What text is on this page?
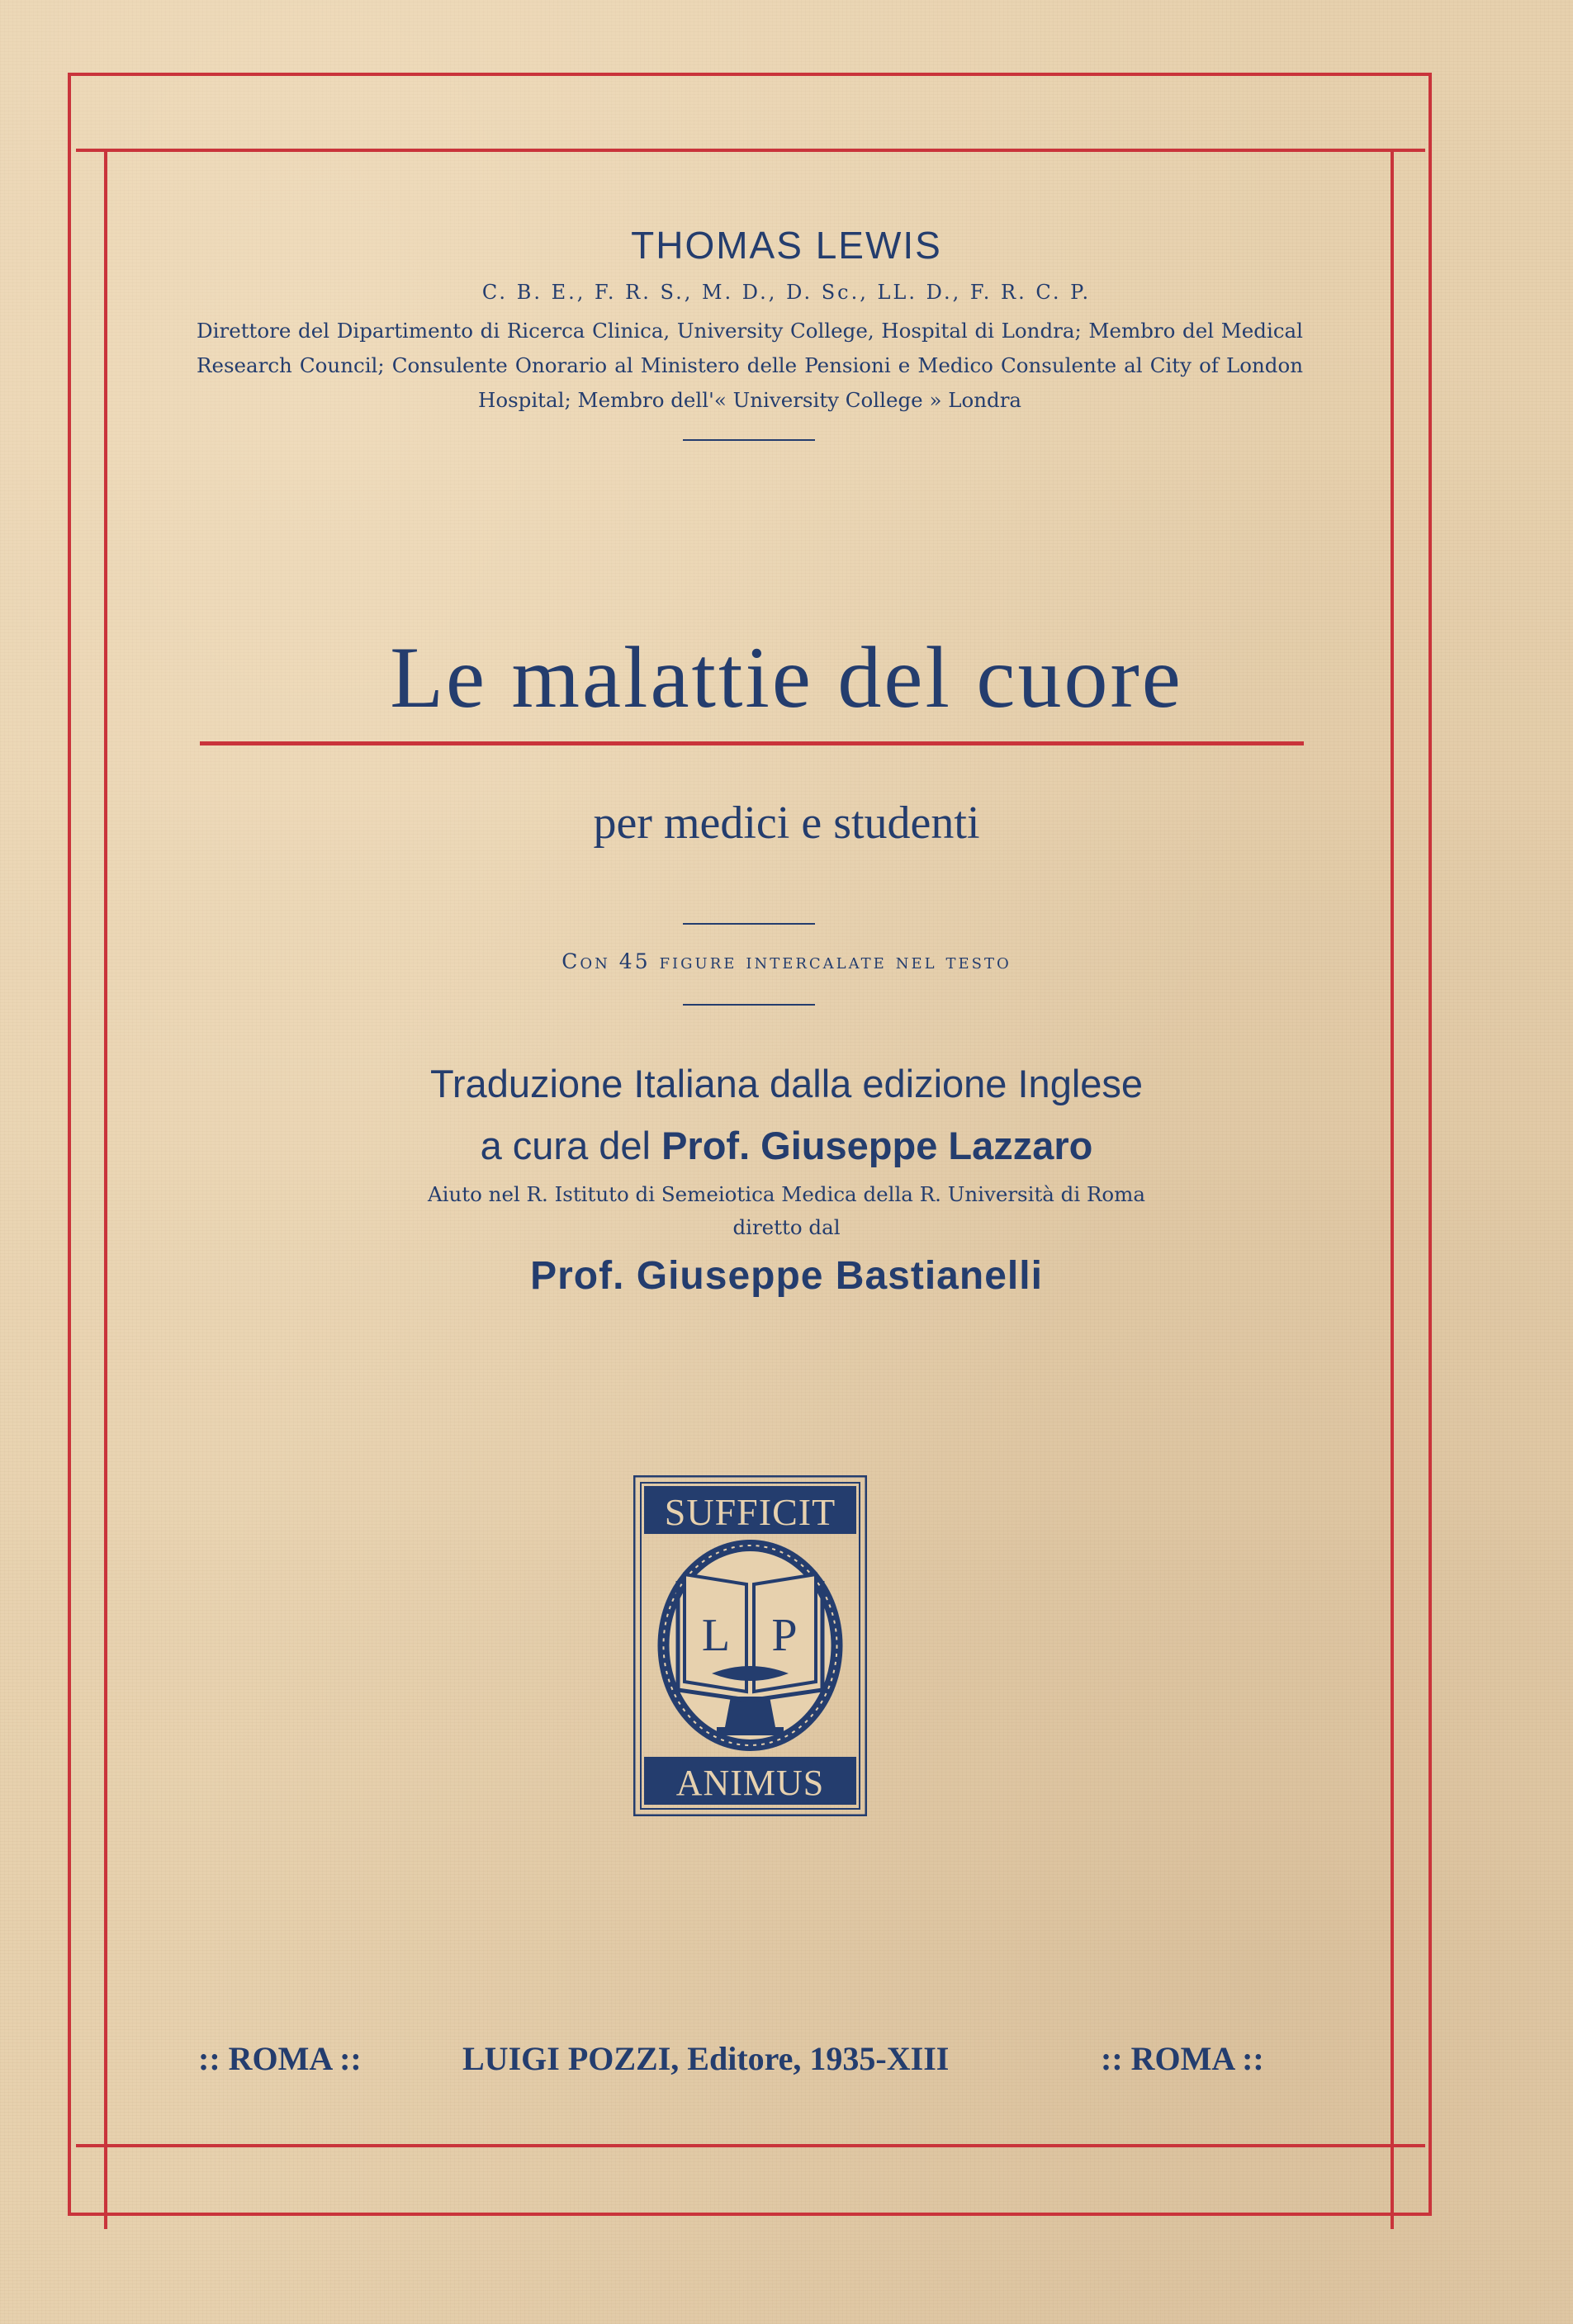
THOMAS LEWIS
C. B. E., F. R. S., M. D., D. Sc., LL. D., F. R. C. P.
Direttore del Dipartimento di Ricerca Clinica, University College, Hospital di Londra; Membro del Medical Research Council; Consulente Onorario al Ministero delle Pensioni e Medico Consulente al City of London Hospital; Membro dell'« University College » Londra
Le malattie del cuore
per medici e studenti
Con 45 figure intercalate nel testo
Traduzione Italiana dalla edizione Inglese
a cura del Prof. Giuseppe Lazzaro
Aiuto nel R. Istituto di Semeiotica Medica della R. Università di Roma
diretto dal
Prof. Giuseppe Bastianelli
SUFFICIT
ANIMUS
L P
:: ROMA ::	LUIGI POZZI, Editore, 1935-XIII	:: ROMA ::
